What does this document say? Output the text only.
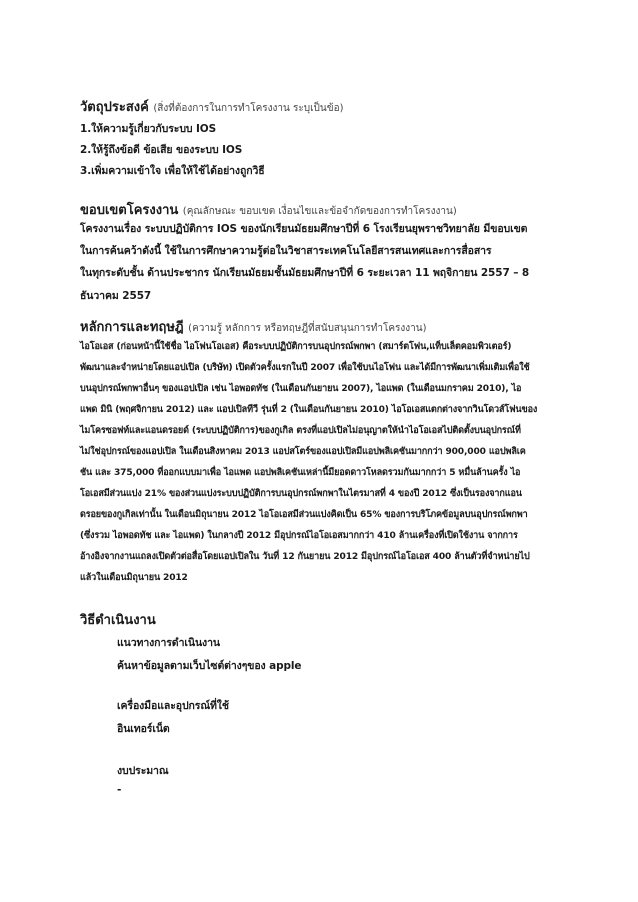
วัตถุประสงค์ (สิ่งที่ต้องการในการทำโครงงาน ระบุเป็นข้อ)
1.ให้ความรู้เกี่ยวกับระบบ IOS
2.ให้รู้ถึงข้อดี ข้อเสีย ของระบบ IOS
3.เพิ่มความเข้าใจ เพื่อให้ใช้ได้อย่างถูกวิธี
ขอบเขตโครงงาน (คุณลักษณะ ขอบเขต เงื่อนไขและข้อจำกัดของการทำโครงงาน)
โครงงานเรื่อง ระบบปฏิบัติการ IOS ของนักเรียนมัธยมศึกษาปีที่ 6 โรงเรียนยุพราชวิทยาลัย มีขอบเขต
ในการค้นคว้าดังนี้ ใช้ในการศึกษาความรู้ต่อในวิชาสาระเทคโนโลยีสารสนเทศและการสื่อสาร
ในทุกระดับชั้น ด้านประชากร นักเรียนมัธยมชั้นมัธยมศึกษาปีที่ 6 ระยะเวลา 11 พฤจิกายน 2557 – 8
ธันวาคม 2557
หลักการและทฤษฎี (ความรู้ หลักการ หรือทฤษฎีที่สนับสนุนการทำโครงงาน)
ไอโอเอส (ก่อนหน้านี้ใช้ชื่อ ไอโฟนโอเอส) คือระบบปฏิบัติการบนอุปกรณ์พกพา (สมาร์ตโฟน,แท็บเล็ตคอมพิวเตอร์)
พัฒนาและจำหน่ายโดยแอปเปิล (บริษัท) เปิดตัวครั้งแรกในปี 2007 เพื่อใช้บนไอโฟน และได้มีการพัฒนาเพิ่มเติมเพื่อใช้
บนอุปกรณ์พกพาอื่นๆ ของแอปเปิล เช่น ไอพอดทัช (ในเดือนกันยายน 2007), ไอแพด (ในเดือนมกราคม 2010), ไอ
แพด มินิ (พฤศจิกายน 2012) และ แอปเปิลทีวี รุ่นที่ 2 (ในเดือนกันยายน 2010) ไอโอเอสแตกต่างจากวินโดวส์โฟนของ
ไมโครซอฟท์และแอนดรอยด์ (ระบบปฏิบัติการ)ของกูเกิล ตรงที่แอปเปิลไม่อนุญาตให้นำไอโอเอสไปติดตั้งบนอุปกรณ์ที่
ไม่ใช่อุปกรณ์ของแอปเปิล ในเดือนสิงหาคม 2013 แอปสโตร์ของแอปเปิลมีแอปพลิเคชันมากกว่า 900,000 แอปพลิเค
ชัน และ 375,000 ที่ออกแบบมาเพื่อ ไอแพด แอปพลิเคชันเหล่านี้มียอดดาวโหลดรวมกันมากกว่า 5 หมื่นล้านครั้ง ไอ
โอเอสมีส่วนแบ่ง 21% ของส่วนแบ่งระบบปฏิบัติการบนอุปกรณ์พกพาในไตรมาสที่ 4 ของปี 2012 ซึ่งเป็นรองจากแอน
ดรอยของกูเกิลเท่านั้น ในเดือนมิถุนายน 2012 ไอโอเอสมีส่วนแบ่งคิดเป็น 65% ของการบริโภคข้อมูลบนอุปกรณ์พกพา
(ซึ่งรวม ไอพอดทัช และ ไอแพด) ในกลางปี 2012 มีอุปกรณ์ไอโอเอสมากกว่า 410 ล้านเครื่องที่เปิดใช้งาน จากการ
อ้างอิงจากงานแถลงเปิดตัวต่อสื่อโดยแอปเปิลใน วันที่ 12 กันยายน 2012 มีอุปกรณ์ไอโอเอส 400 ล้านตัวที่จำหน่ายไป
แล้วในเดือนมิถุนายน 2012
วิธีดำเนินงาน
แนวทางการดำเนินงาน
ค้นหาข้อมูลตามเว็บไซต์ต่างๆของ apple
เครื่องมือและอุปกรณ์ที่ใช้
อินเทอร์เน็ต
งบประมาณ
-
